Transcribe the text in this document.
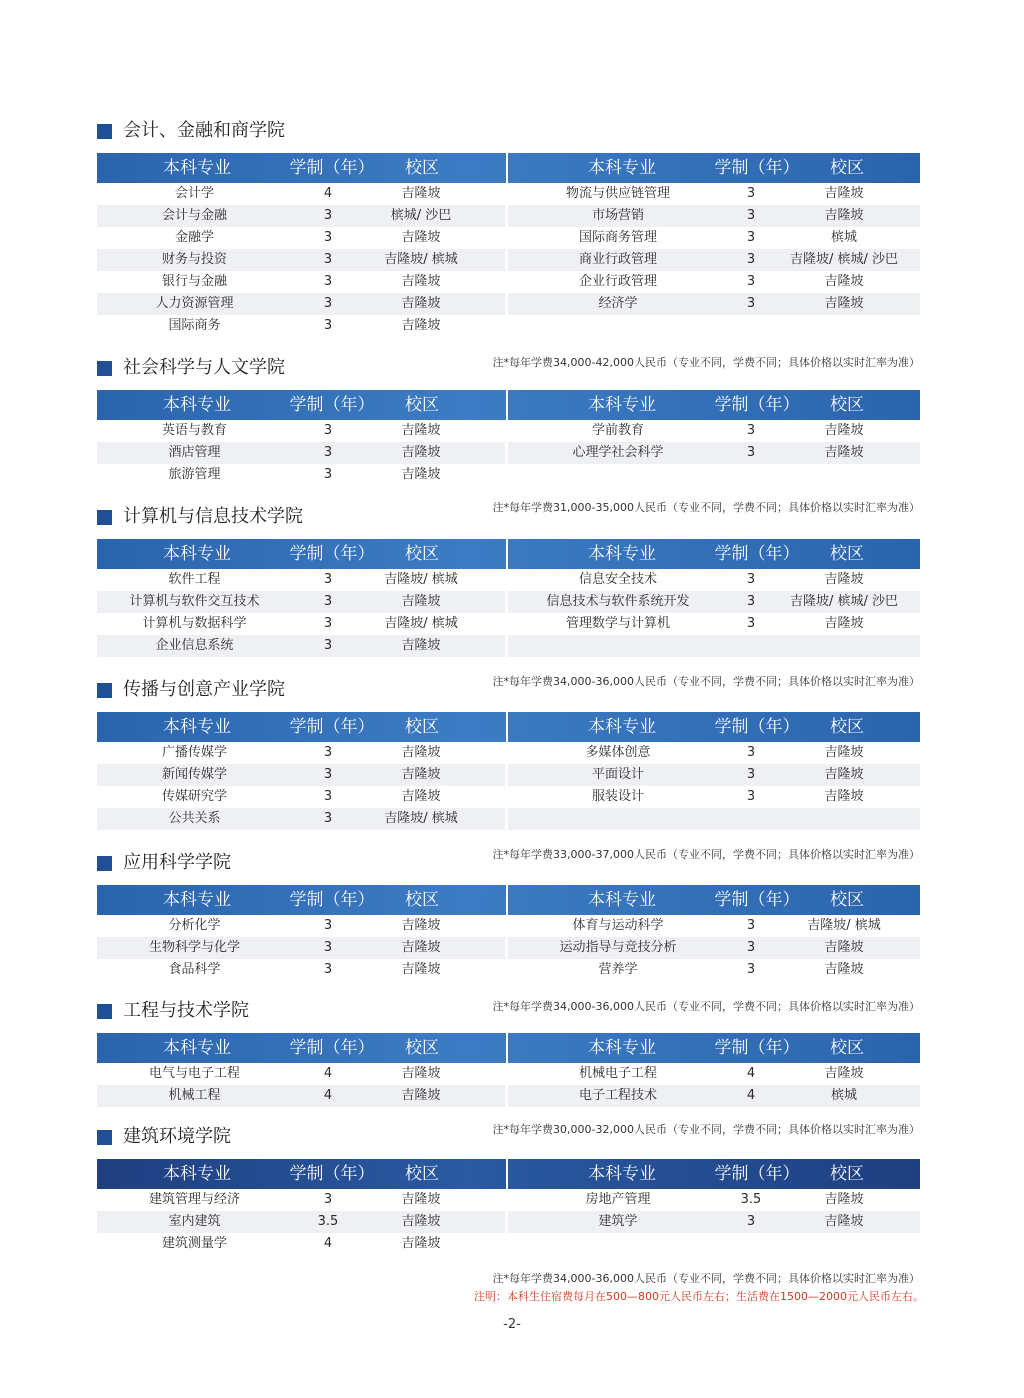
会计、金融和商学院
本科专业	学制（年）	校区	本科专业	学制（年）	校区
会计学	4	吉隆坡	物流与供应链管理	3	吉隆坡
会计与金融	3	槟城/ 沙巴	市场营销	3	吉隆坡
金融学	3	吉隆坡	国际商务管理	3	槟城
财务与投资	3	吉隆坡/ 槟城	商业行政管理	3	吉隆坡/ 槟城/ 沙巴
银行与金融	3	吉隆坡	企业行政管理	3	吉隆坡
人力资源管理	3	吉隆坡	经济学	3	吉隆坡
国际商务	3	吉隆坡
注*每年学费34,000-42,000人民币（专业不同，学费不同；具体价格以实时汇率为准）
社会科学与人文学院
本科专业	学制（年）	校区	本科专业	学制（年）	校区
英语与教育	3	吉隆坡	学前教育	3	吉隆坡
酒店管理	3	吉隆坡	心理学社会科学	3	吉隆坡
旅游管理	3	吉隆坡
注*每年学费31,000-35,000人民币（专业不同，学费不同；具体价格以实时汇率为准）
计算机与信息技术学院
本科专业	学制（年）	校区	本科专业	学制（年）	校区
软件工程	3	吉隆坡/ 槟城	信息安全技术	3	吉隆坡
计算机与软件交互技术	3	吉隆坡	信息技术与软件系统开发	3	吉隆坡/ 槟城/ 沙巴
计算机与数据科学	3	吉隆坡/ 槟城	管理数学与计算机	3	吉隆坡
企业信息系统	3	吉隆坡
注*每年学费34,000-36,000人民币（专业不同，学费不同；具体价格以实时汇率为准）
传播与创意产业学院
本科专业	学制（年）	校区	本科专业	学制（年）	校区
广播传媒学	3	吉隆坡	多媒体创意	3	吉隆坡
新闻传媒学	3	吉隆坡	平面设计	3	吉隆坡
传媒研究学	3	吉隆坡	服装设计	3	吉隆坡
公共关系	3	吉隆坡/ 槟城
注*每年学费33,000-37,000人民币（专业不同，学费不同；具体价格以实时汇率为准）
应用科学学院
本科专业	学制（年）	校区	本科专业	学制（年）	校区
分析化学	3	吉隆坡	体育与运动科学	3	吉隆坡/ 槟城
生物科学与化学	3	吉隆坡	运动指导与竞技分析	3	吉隆坡
食品科学	3	吉隆坡	营养学	3	吉隆坡
注*每年学费34,000-36,000人民币（专业不同，学费不同；具体价格以实时汇率为准）
工程与技术学院
本科专业	学制（年）	校区	本科专业	学制（年）	校区
电气与电子工程	4	吉隆坡	机械电子工程	4	吉隆坡
机械工程	4	吉隆坡	电子工程技术	4	槟城
注*每年学费30,000-32,000人民币（专业不同，学费不同；具体价格以实时汇率为准）
建筑环境学院
本科专业	学制（年）	校区	本科专业	学制（年）	校区
建筑管理与经济	3	吉隆坡	房地产管理	3.5	吉隆坡
室内建筑	3.5	吉隆坡	建筑学	3	吉隆坡
建筑测量学	4	吉隆坡
注*每年学费34,000-36,000人民币（专业不同，学费不同；具体价格以实时汇率为准）
注明：本科生住宿费每月在500—800元人民币左右；生活费在1500—2000元人民币左右。
-2-
